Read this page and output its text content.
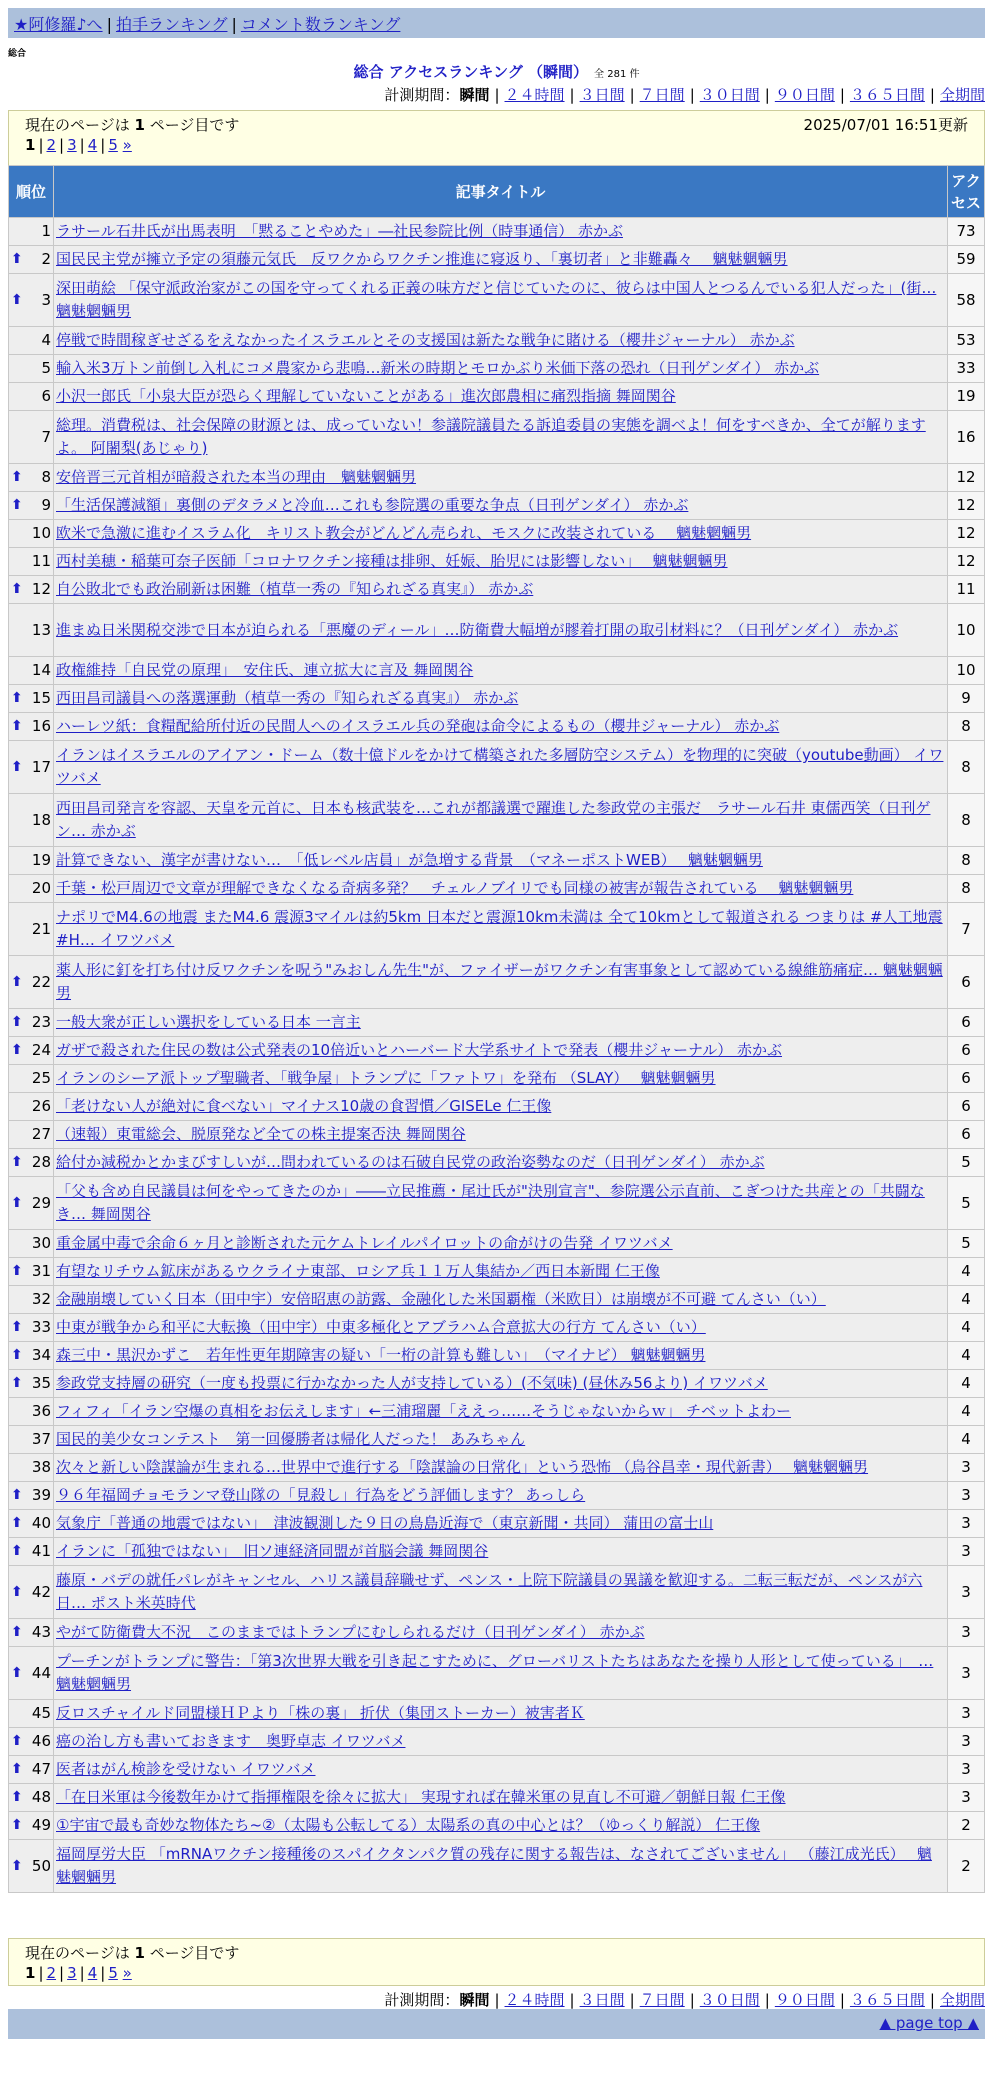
★阿修羅♪へ | 拍手ランキング | コメント数ランキング
総合
総合 アクセスランキング （瞬間） 全 281 件
計測期間：瞬間 | ２４時間 | ３日間 | ７日間 | ３０日間 | ９０日間 | ３６５日間 | 全期間
現在のページは 1 ページ目です	2025/07/01 16:51更新
1 | 2 | 3 | 4 | 5 »
順位	記事タイトル	アクセス
1	ラサール石井氏が出馬表明　「黙ることやめた」―社民参院比例（時事通信） 赤かぶ	73

⬆ 2	国民民主党が擁立予定の須藤元気氏　反ワクからワクチン推進に寝返り、「裏切者」と非難轟々　 魑魅魍魎男	59

⬆ 3	深田萌絵 「保守派政治家がこの国を守ってくれる正義の味方だと信じていたのに、彼らは中国人とつるんでいる犯人だった」(街… 魑魅魍魎男	58
4	停戦で時間稼ぎせざるをえなかったイスラエルとその支援国は新たな戦争に賭ける（櫻井ジャーナル） 赤かぶ	53
5	輸入米3万トン前倒し入札にコメ農家から悲鳴…新米の時期とモロかぶり米価下落の恐れ（日刊ゲンダイ） 赤かぶ	33
6	小沢一郎氏「小泉大臣が恐らく理解していないことがある」進次郎農相に痛烈指摘 舞岡関谷	19
7	総理。消費税は、社会保障の財源とは、成っていない！参議院議員たる訴追委員の実態を調べよ！何をすべきか、全てが解りますよ。 阿闍梨(あじゃり)	16

⬆ 8	安倍晋三元首相が暗殺された本当の理由　魑魅魍魎男	12

⬆ 9	「生活保護減額」裏側のデタラメと冷血…これも参院選の重要な争点（日刊ゲンダイ） 赤かぶ	12
10	欧米で急激に進むイスラム化　キリスト教会がどんどん売られ、モスクに改装されている　 魑魅魍魎男	12
11	西村美穂・稲葉可奈子医師「コロナワクチン接種は排卵、妊娠、胎児には影響しない」　 魑魅魍魎男	12

⬆ 12	自公敗北でも政治刷新は困難（植草一秀の『知られざる真実』） 赤かぶ	11
13	進まぬ日米関税交渉で日本が迫られる「悪魔のディール」…防衛費大幅増が膠着打開の取引材料に？（日刊ゲンダイ） 赤かぶ	10
14	政権維持「自民党の原理」　安住氏、連立拡大に言及 舞岡関谷	10

⬆ 15	西田昌司議員への落選運動（植草一秀の『知られざる真実』） 赤かぶ	9

⬆ 16	ハーレツ紙：食糧配給所付近の民間人へのイスラエル兵の発砲は命令によるもの（櫻井ジャーナル） 赤かぶ	8

⬆ 17	イランはイスラエルのアイアン・ドーム（数十億ドルをかけて構築された多層防空システム）を物理的に突破（youtube動画） イワツバメ	8
18	西田昌司発言を容認、天皇を元首に、日本も核武装を…これが都議選で躍進した参政党の主張だ　ラサール石井 東儒西笑（日刊ゲン… 赤かぶ	8
19	計算できない、漢字が書けない…　「低レベル店員」が急増する背景　（マネーポストWEB）　 魑魅魍魎男	8
20	千葉・松戸周辺で文章が理解できなくなる奇病多発？　チェルノブイリでも同様の被害が報告されている　 魑魅魍魎男	8
21	ナポリでM4.6の地震 またM4.6 震源3マイルは約5km 日本だと震源10km未満は 全て10kmとして報道される つまりは #人工地震 #H… イワツバメ	7

⬆ 22	薬人形に釘を打ち付け反ワクチンを呪う"みおしん先生"が、ファイザーがワクチン有害事象として認めている線維筋痛症… 魑魅魍魎男	6

⬆ 23	一般大衆が正しい選択をしている日本 一言主	6

⬆ 24	ガザで殺された住民の数は公式発表の10倍近いとハーバード大学系サイトで発表（櫻井ジャーナル） 赤かぶ	6
25	イランのシーア派トップ聖職者、「戦争屋」トランプに「ファトワ」を発布 （SLAY）　 魑魅魍魎男	6
26	「老けない人が絶対に食べない」マイナス10歳の食習慣／GISELe 仁王像	6
27	（速報）東電総会、脱原発など全ての株主提案否決 舞岡関谷	6

⬆ 28	給付か減税かとかまびすしいが…問われているのは石破自民党の政治姿勢なのだ（日刊ゲンダイ） 赤かぶ	5

⬆ 29	「父も含め自民議員は何をやってきたのか」――立民推薦・尾辻氏が"決別宣言"、参院選公示直前、こぎつけた共産との「共闘なき… 舞岡関谷	5
30	重金属中毒で余命６ヶ月と診断された元ケムトレイルパイロットの命がけの告発 イワツバメ	5

⬆ 31	有望なリチウム鉱床があるウクライナ東部、ロシア兵１１万人集結か／西日本新聞 仁王像	4
32	金融崩壊していく日本（田中宇）安倍昭恵の訪露、金融化した米国覇権（米欧日）は崩壊が不可避 てんさい（い）	4

⬆ 33	中東が戦争から和平に大転換（田中宇）中東多極化とアブラハム合意拡大の行方 てんさい（い）	4

⬆ 34	森三中・黒沢かずこ　若年性更年期障害の疑い「一桁の計算も難しい」　（マイナビ） 魑魅魍魎男	4

⬆ 35	参政党支持層の研究（一度も投票に行かなかった人が支持している）(不気味) (昼休み56より) イワツバメ	4
36	フィフィ「イラン空爆の真相をお伝えします」←三浦瑠麗「ええっ……そうじゃないからｗ」 チベットよわー	4
37	国民的美少女コンテスト　第一回優勝者は帰化人だった！ あみちゃん	4
38	次々と新しい陰謀論が生まれる…世界中で進行する「陰謀論の日常化」という恐怖 （烏谷昌幸・現代新書）　 魑魅魍魎男	3

⬆ 39	９６年福岡チョモランマ登山隊の「見殺し」行為をどう評価します？ あっしら	3

⬆ 40	気象庁「普通の地震ではない」　津波観測した９日の鳥島近海で（東京新聞・共同） 蒲田の富士山	3

⬆ 41	イランに「孤独ではない」　旧ソ連経済同盟が首脳会議 舞岡関谷	3

⬆ 42	藤原・バデの就任パレがキャンセル、ハリス議員辞職せず、ペンス・上院下院議員の異議を歓迎する。二転三転だが、ペンスが六日… ポスト米英時代	3

⬆ 43	やがて防衛費大不況　このままではトランプにむしられるだけ（日刊ゲンダイ） 赤かぶ	3

⬆ 44	プーチンがトランプに警告：「第3次世界大戦を引き起こすために、グローバリストたちはあなたを操り人形として使っている」　… 魑魅魍魎男	3
45	反ロスチャイルド同盟様ＨＰより「株の裏」 折伏（集団ストーカー）被害者Ｋ	3

⬆ 46	癌の治し方も書いておきます　奥野卓志 イワツバメ	3

⬆ 47	医者はがん検診を受けない イワツバメ	3

⬆ 48	「在日米軍は今後数年かけて指揮権限を徐々に拡大」 実現すれば在韓米軍の見直し不可避／朝鮮日報 仁王像	3

⬆ 49	①宇宙で最も奇妙な物体たち~②（太陽も公転してる）太陽系の真の中心とは？（ゆっくり解説） 仁王像	2

⬆ 50	福岡厚労大臣 「mRNAワクチン接種後のスパイクタンパク質の残存に関する報告は、なされてございません」 （藤江成光氏）　 魑魅魍魎男	2
現在のページは 1 ページ目です
1 | 2 | 3 | 4 | 5 »
計測期間：瞬間 | ２４時間 | ３日間 | ７日間 | ３０日間 | ９０日間 | ３６５日間 | 全期間
▲ page top ▲
